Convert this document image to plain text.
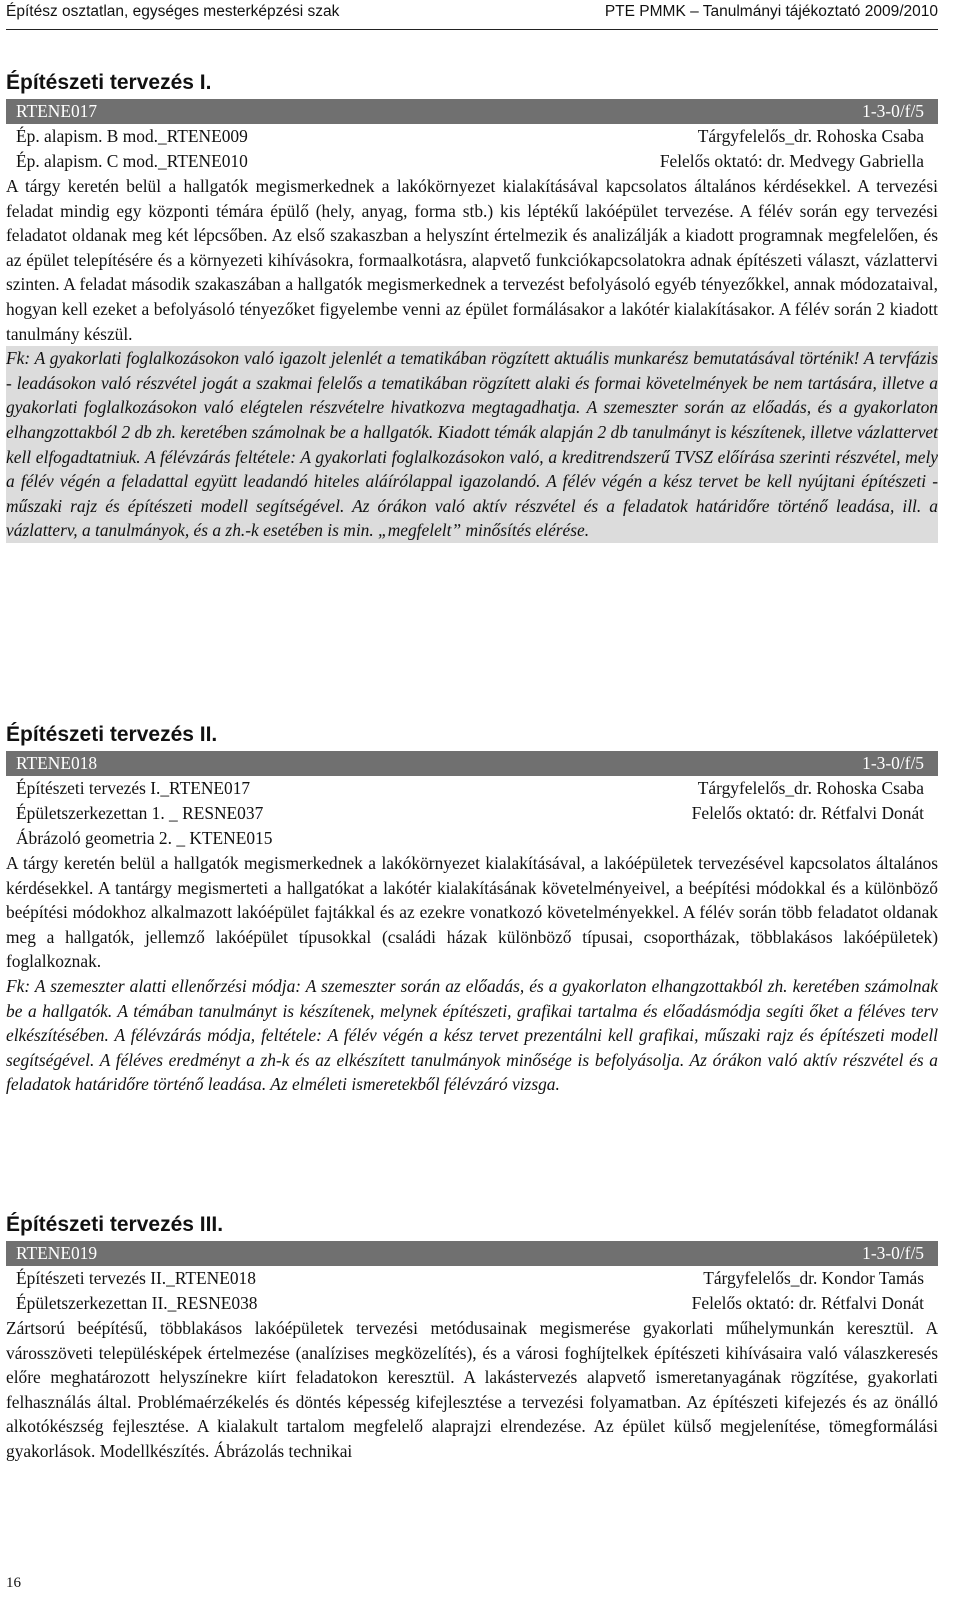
Építész osztatlan, egységes mesterképzési szak	PTE PMMK – Tanulmányi tájékoztató 2009/2010
Építészeti tervezés I.
RTENE017	1-3-0/f/5
Ép. alapism. B mod._RTENE009	Tárgyfelelős_dr. Rohoska Csaba
Ép. alapism. C mod._RTENE010	Felelős oktató: dr. Medvegy Gabriella

A tárgy keretén belül a hallgatók megismerkednek a lakókörnyezet kialakításával kapcsolatos általános kérdésekkel. A tervezési feladat mindig egy központi témára épülő (hely, anyag, forma stb.) kis léptékű lakóépület tervezése. A félév során egy tervezési feladatot oldanak meg két lépcsőben. Az első szakaszban a helyszínt értelmezik és analizálják a kiadott programnak megfelelően, és az épület telepítésére és a környezeti kihívásokra, formaalkotásra, alapvető funkciókapcsolatokra adnak építészeti választ, vázlattervi szinten. A feladat második szakaszában a hallgatók megismerkednek a tervezést befolyásoló egyéb tényezőkkel, annak módozataival, hogyan kell ezeket a befolyásoló tényezőket figyelembe venni az épület formálásakor a lakótér kialakításakor. A félév során 2 kiadott tanulmány készül.

Fk: A gyakorlati foglalkozásokon való igazolt jelenlét a tematikában rögzített aktuális munkarész bemutatásával történik! A tervfázis - leadásokon való részvétel jogát a szakmai felelős a tematikában rögzített alaki és formai követelmények be nem tartására, illetve a gyakorlati foglalkozásokon való elégtelen részvételre hivatkozva megtagadhatja. A szemeszter során az előadás, és a gyakorlaton elhangzottakból 2 db zh. keretében számolnak be a hallgatók. Kiadott témák alapján 2 db tanulmányt is készítenek, illetve vázlattervet kell elfogadtatniuk. A félévzárás feltétele: A gyakorlati foglalkozásokon való, a kreditrendszerű TVSZ előírása szerinti részvétel, mely a félév végén a feladattal együtt leadandó hiteles aláírólappal igazolandó. A félév végén a kész tervet be kell nyújtani építészeti - műszaki rajz és építészeti modell segítségével. Az órákon való aktív részvétel és a feladatok határidőre történő leadása, ill. a vázlatterv, a tanulmányok, és a zh.-k esetében is min. „megfelelt” minősítés elérése.

Építészeti tervezés II.
RTENE018	1-3-0/f/5
Építészeti tervezés I._RTENE017	Tárgyfelelős_dr. Rohoska Csaba
Épületszerkezettan 1. _ RESNE037	Felelős oktató: dr. Rétfalvi Donát
Ábrázoló geometria 2. _ KTENE015

A tárgy keretén belül a hallgatók megismerkednek a lakókörnyezet kialakításával, a lakóépületek tervezésével kapcsolatos általános kérdésekkel. A tantárgy megismerteti a hallgatókat a lakótér kialakításának követelményeivel, a beépítési módokkal és a különböző beépítési módokhoz alkalmazott lakóépület fajtákkal és az ezekre vonatkozó követelményekkel. A félév során több feladatot oldanak meg a hallgatók, jellemző lakóépület típusokkal (családi házak különböző típusai, csoportházak, többlakásos lakóépületek) foglalkoznak.

Fk: A szemeszter alatti ellenőrzési módja: A szemeszter során az előadás, és a gyakorlaton elhangzottakból zh. keretében számolnak be a hallgatók. A témában tanulmányt is készítenek, melynek építészeti, grafikai tartalma és előadásmódja segíti őket a féléves terv elkészítésében. A félévzárás módja, feltétele: A félév végén a kész tervet prezentálni kell grafikai, műszaki rajz és építészeti modell segítségével. A féléves eredményt a zh-k és az elkészített tanulmányok minősége is befolyásolja. Az órákon való aktív részvétel és a feladatok határidőre történő leadása. Az elméleti ismeretekből félévzáró vizsga.

Építészeti tervezés III.
RTENE019	1-3-0/f/5
Építészeti tervezés II._RTENE018	Tárgyfelelős_dr. Kondor Tamás
Épületszerkezettan II._RESNE038	Felelős oktató: dr. Rétfalvi Donát

Zártsorú beépítésű, többlakásos lakóépületek tervezési metódusainak megismerése gyakorlati műhelymunkán keresztül. A városszöveti településképek értelmezése (analízises megközelítés), és a városi foghíjtelkek építészeti kihívásaira való válaszkeresés előre meghatározott helyszínekre kiírt feladatokon keresztül. A lakástervezés alapvető ismeretanyagának rögzítése, gyakorlati felhasználás által. Problémaérzékelés és döntés képesség kifejlesztése a tervezési folyamatban. Az építészeti kifejezés és az önálló alkotókészség fejlesztése. A kialakult tartalom megfelelő alaprajzi elrendezése. Az épület külső megjelenítése, tömegformálási gyakorlások. Modellkészítés. Ábrázolás technikai

16
